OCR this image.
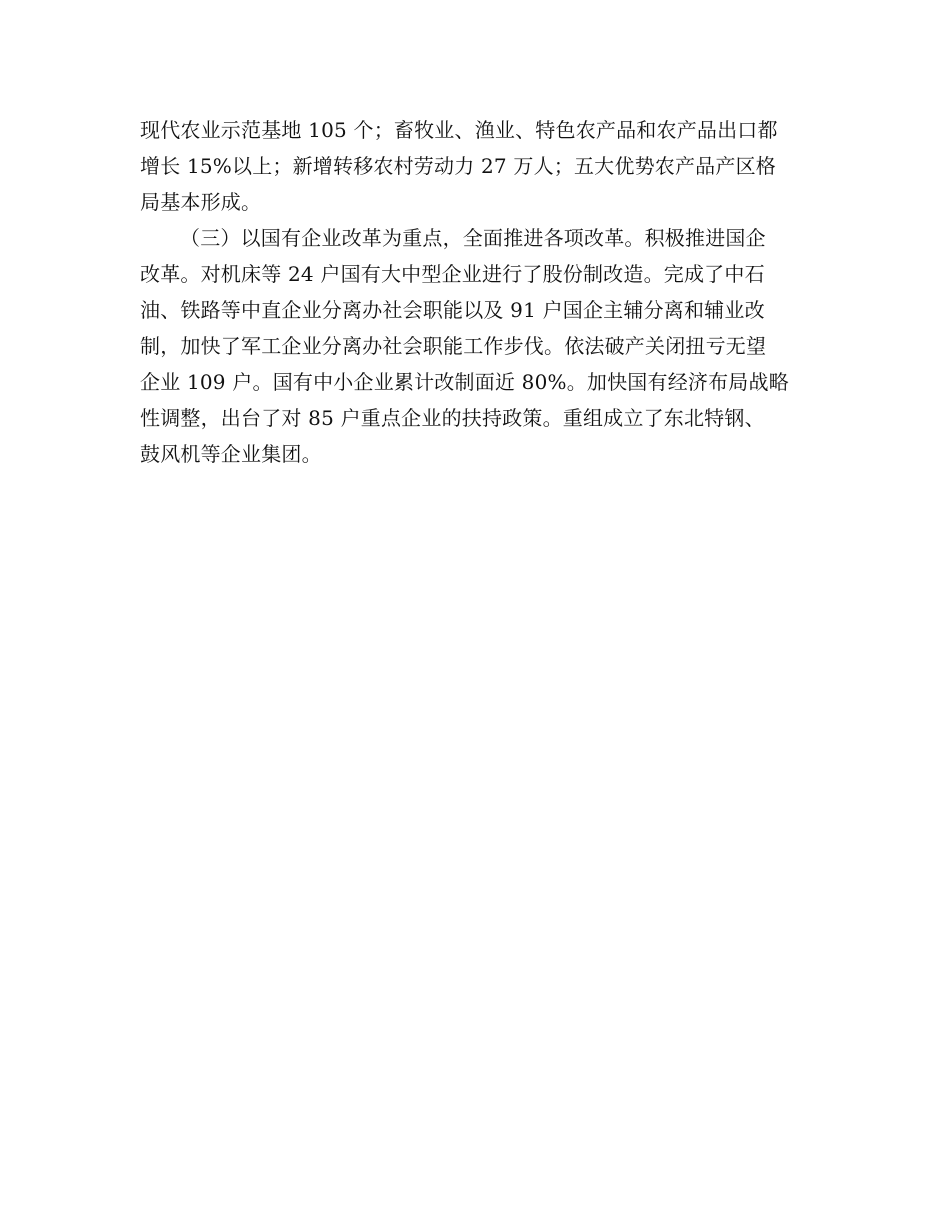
现代农业示范基地 105 个；畜牧业、渔业、特色农产品和农产品出口都
增长 15%以上；新增转移农村劳动力 27 万人；五大优势农产品产区格
局基本形成。
（三）以国有企业改革为重点，全面推进各项改革。积极推进国企
改革。对机床等 24 户国有大中型企业进行了股份制改造。完成了中石
油、铁路等中直企业分离办社会职能以及 91 户国企主辅分离和辅业改
制，加快了军工企业分离办社会职能工作步伐。依法破产关闭扭亏无望
企业 109 户。国有中小企业累计改制面近 80%。加快国有经济布局战略
性调整，出台了对 85 户重点企业的扶持政策。重组成立了东北特钢、
鼓风机等企业集团。
